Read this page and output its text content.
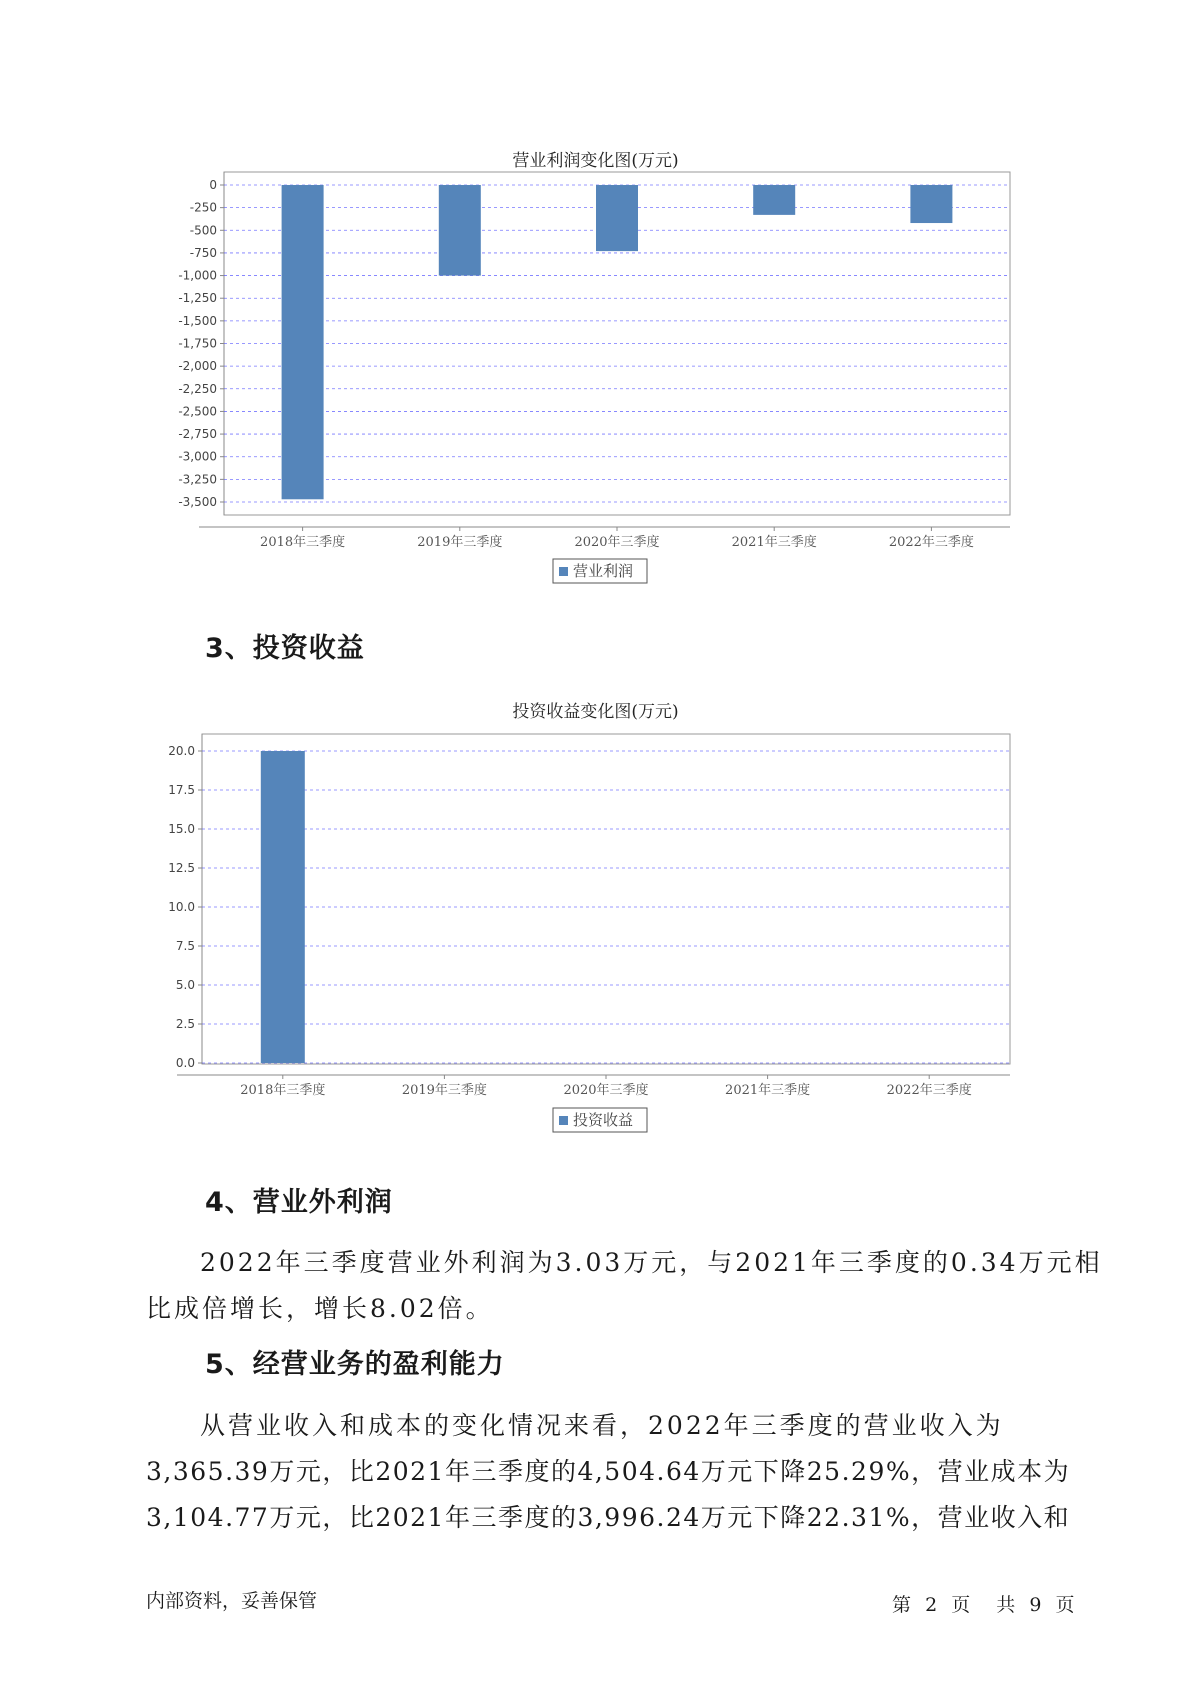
营业利润变化图(万元)
0
-250
-500
-750
-1,000
-1,250
-1,500
-1,750
-2,000
-2,250
-2,500
-2,750
-3,000
-3,250
-3,500
2018年三季度	2019年三季度	2020年三季度	2021年三季度	2022年三季度
营业利润
3、投资收益
投资收益变化图(万元)
0.0
2.5
5.0
7.5
10.0
12.5
15.0
17.5
20.0
2018年三季度	2019年三季度	2020年三季度	2021年三季度	2022年三季度
投资收益
4、营业外利润
2022年三季度营业外利润为3.03万元，与2021年三季度的0.34万元相
比成倍增长，增长8.02倍。
5、经营业务的盈利能力
从营业收入和成本的变化情况来看，2022年三季度的营业收入为
3,365.39万元，比2021年三季度的4,504.64万元下降25.29%，营业成本为
3,104.77万元，比2021年三季度的3,996.24万元下降22.31%，营业收入和
内部资料，妥善保管	第 2 页 共 9 页
